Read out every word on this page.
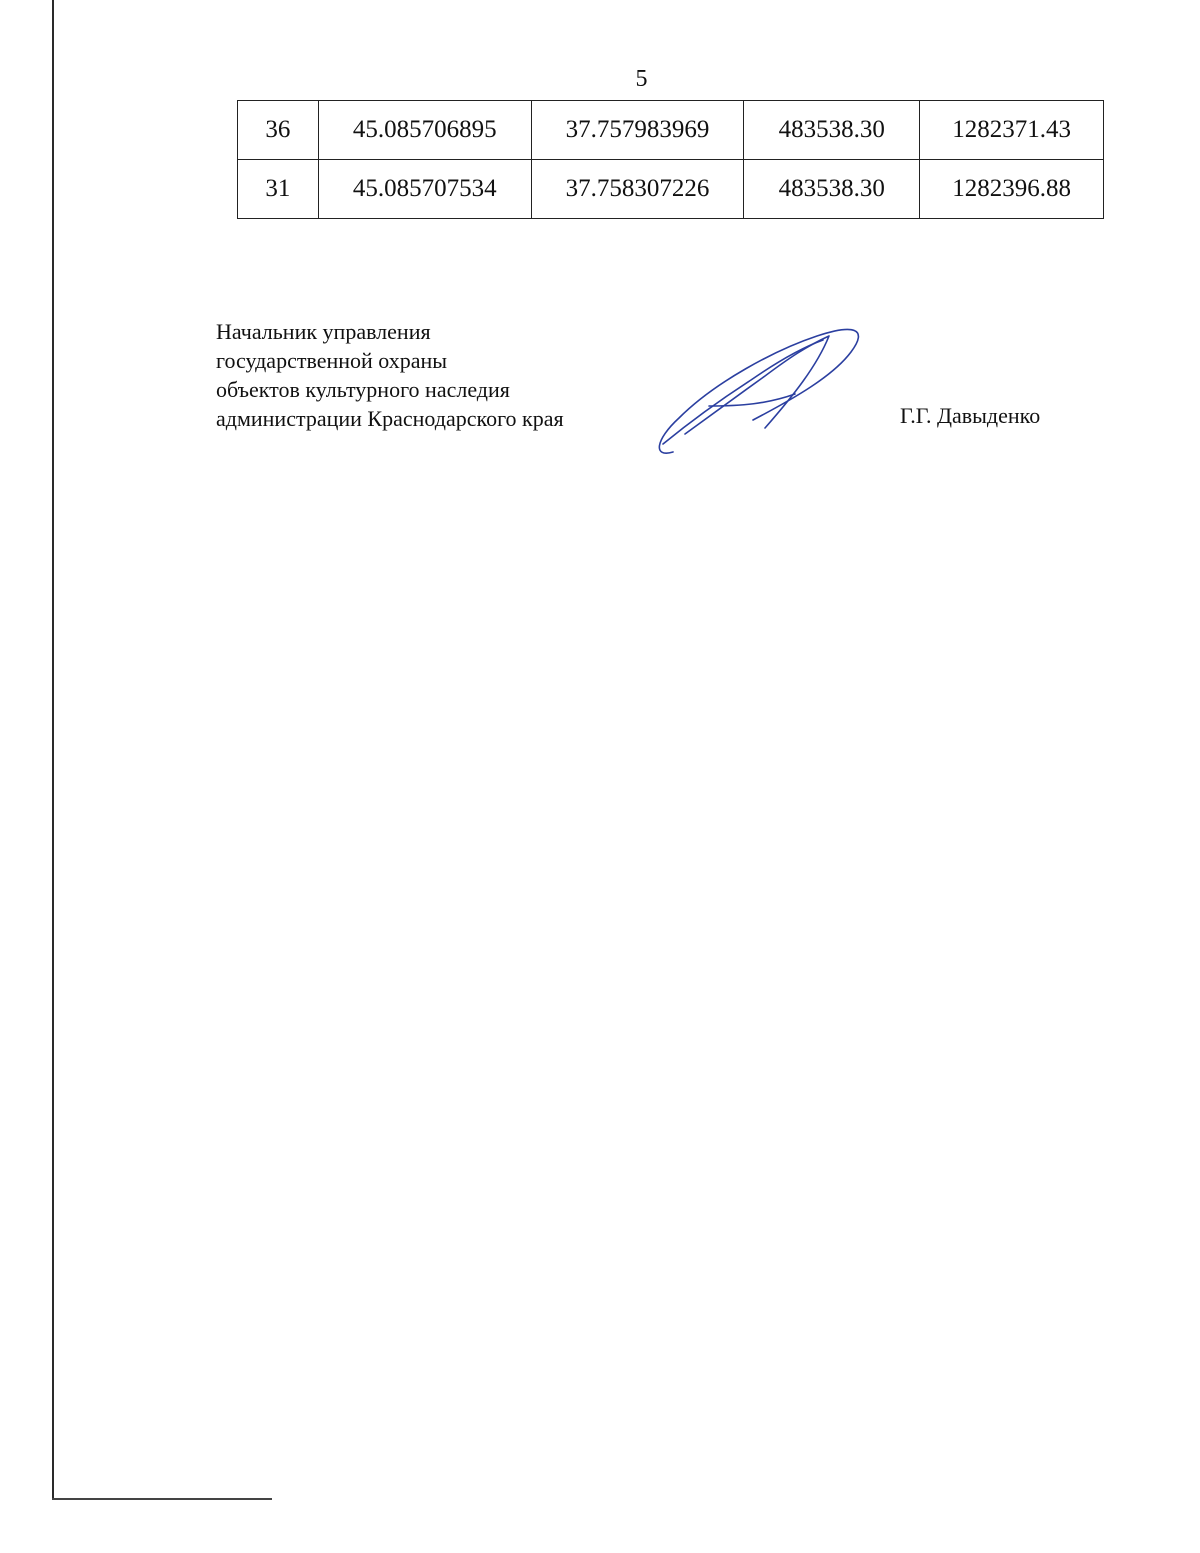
5
36	45.085706895	37.757983969	483538.30	1282371.43
31	45.085707534	37.758307226	483538.30	1282396.88
Начальник управления
государственной охраны
объектов культурного наследия
администрации Краснодарского края	Г.Г. Давыденко
